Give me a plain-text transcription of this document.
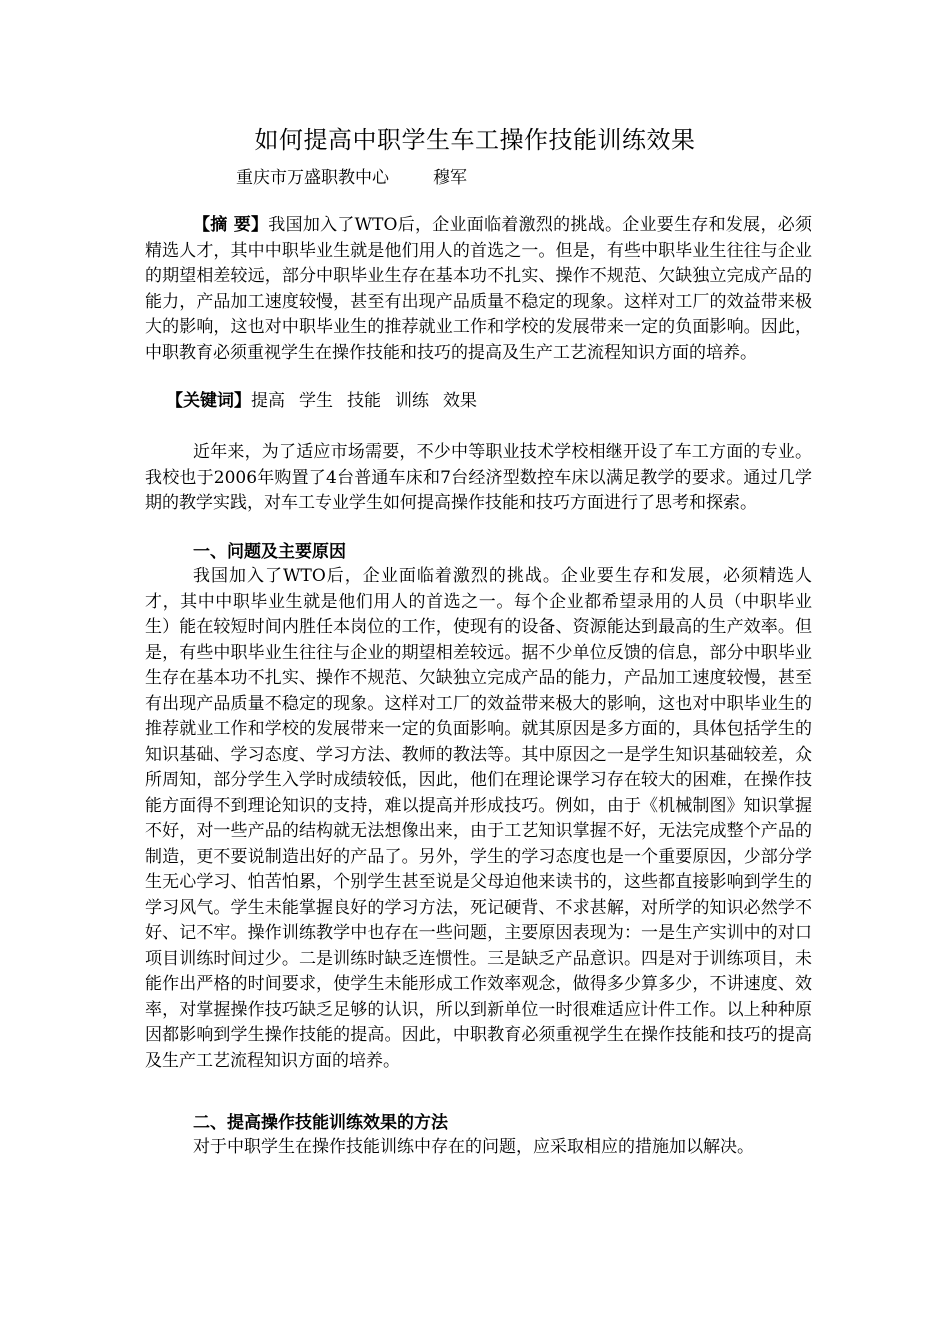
如何提高中职学生车工操作技能训练效果
重庆市万盛职教中心	穆军
【摘 要】我国加入了WTO后，企业面临着激烈的挑战。企业要生存和发展，必须精选人才，其中中职毕业生就是他们用人的首选之一。但是，有些中职毕业生往往与企业的期望相差较远，部分中职毕业生存在基本功不扎实、操作不规范、欠缺独立完成产品的能力，产品加工速度较慢，甚至有出现产品质量不稳定的现象。这样对工厂的效益带来极大的影响，这也对中职毕业生的推荐就业工作和学校的发展带来一定的负面影响。因此，中职教育必须重视学生在操作技能和技巧的提高及生产工艺流程知识方面的培养。
【关键词】提高 学生 技能 训练 效果
近年来，为了适应市场需要，不少中等职业技术学校相继开设了车工方面的专业。我校也于2006年购置了4台普通车床和7台经济型数控车床以满足教学的要求。通过几学期的教学实践，对车工专业学生如何提高操作技能和技巧方面进行了思考和探索。
一、问题及主要原因
我国加入了WTO后，企业面临着激烈的挑战。企业要生存和发展，必须精选人才，其中中职毕业生就是他们用人的首选之一。每个企业都希望录用的人员（中职毕业生）能在较短时间内胜任本岗位的工作，使现有的设备、资源能达到最高的生产效率。但是，有些中职毕业生往往与企业的期望相差较远。据不少单位反馈的信息，部分中职毕业生存在基本功不扎实、操作不规范、欠缺独立完成产品的能力，产品加工速度较慢，甚至有出现产品质量不稳定的现象。这样对工厂的效益带来极大的影响，这也对中职毕业生的推荐就业工作和学校的发展带来一定的负面影响。就其原因是多方面的，具体包括学生的知识基础、学习态度、学习方法、教师的教法等。其中原因之一是学生知识基础较差，众所周知，部分学生入学时成绩较低，因此，他们在理论课学习存在较大的困难，在操作技能方面得不到理论知识的支持，难以提高并形成技巧。例如，由于《机械制图》知识掌握不好，对一些产品的结构就无法想像出来，由于工艺知识掌握不好，无法完成整个产品的制造，更不要说制造出好的产品了。另外，学生的学习态度也是一个重要原因，少部分学生无心学习、怕苦怕累，个别学生甚至说是父母迫他来读书的，这些都直接影响到学生的学习风气。学生未能掌握良好的学习方法，死记硬背、不求甚解，对所学的知识必然学不好、记不牢。操作训练教学中也存在一些问题，主要原因表现为：一是生产实训中的对口项目训练时间过少。二是训练时缺乏连惯性。三是缺乏产品意识。四是对于训练项目，未能作出严格的时间要求，使学生未能形成工作效率观念，做得多少算多少，不讲速度、效率，对掌握操作技巧缺乏足够的认识，所以到新单位一时很难适应计件工作。以上种种原因都影响到学生操作技能的提高。因此，中职教育必须重视学生在操作技能和技巧的提高及生产工艺流程知识方面的培养。
二、提高操作技能训练效果的方法
对于中职学生在操作技能训练中存在的问题，应采取相应的措施加以解决。
